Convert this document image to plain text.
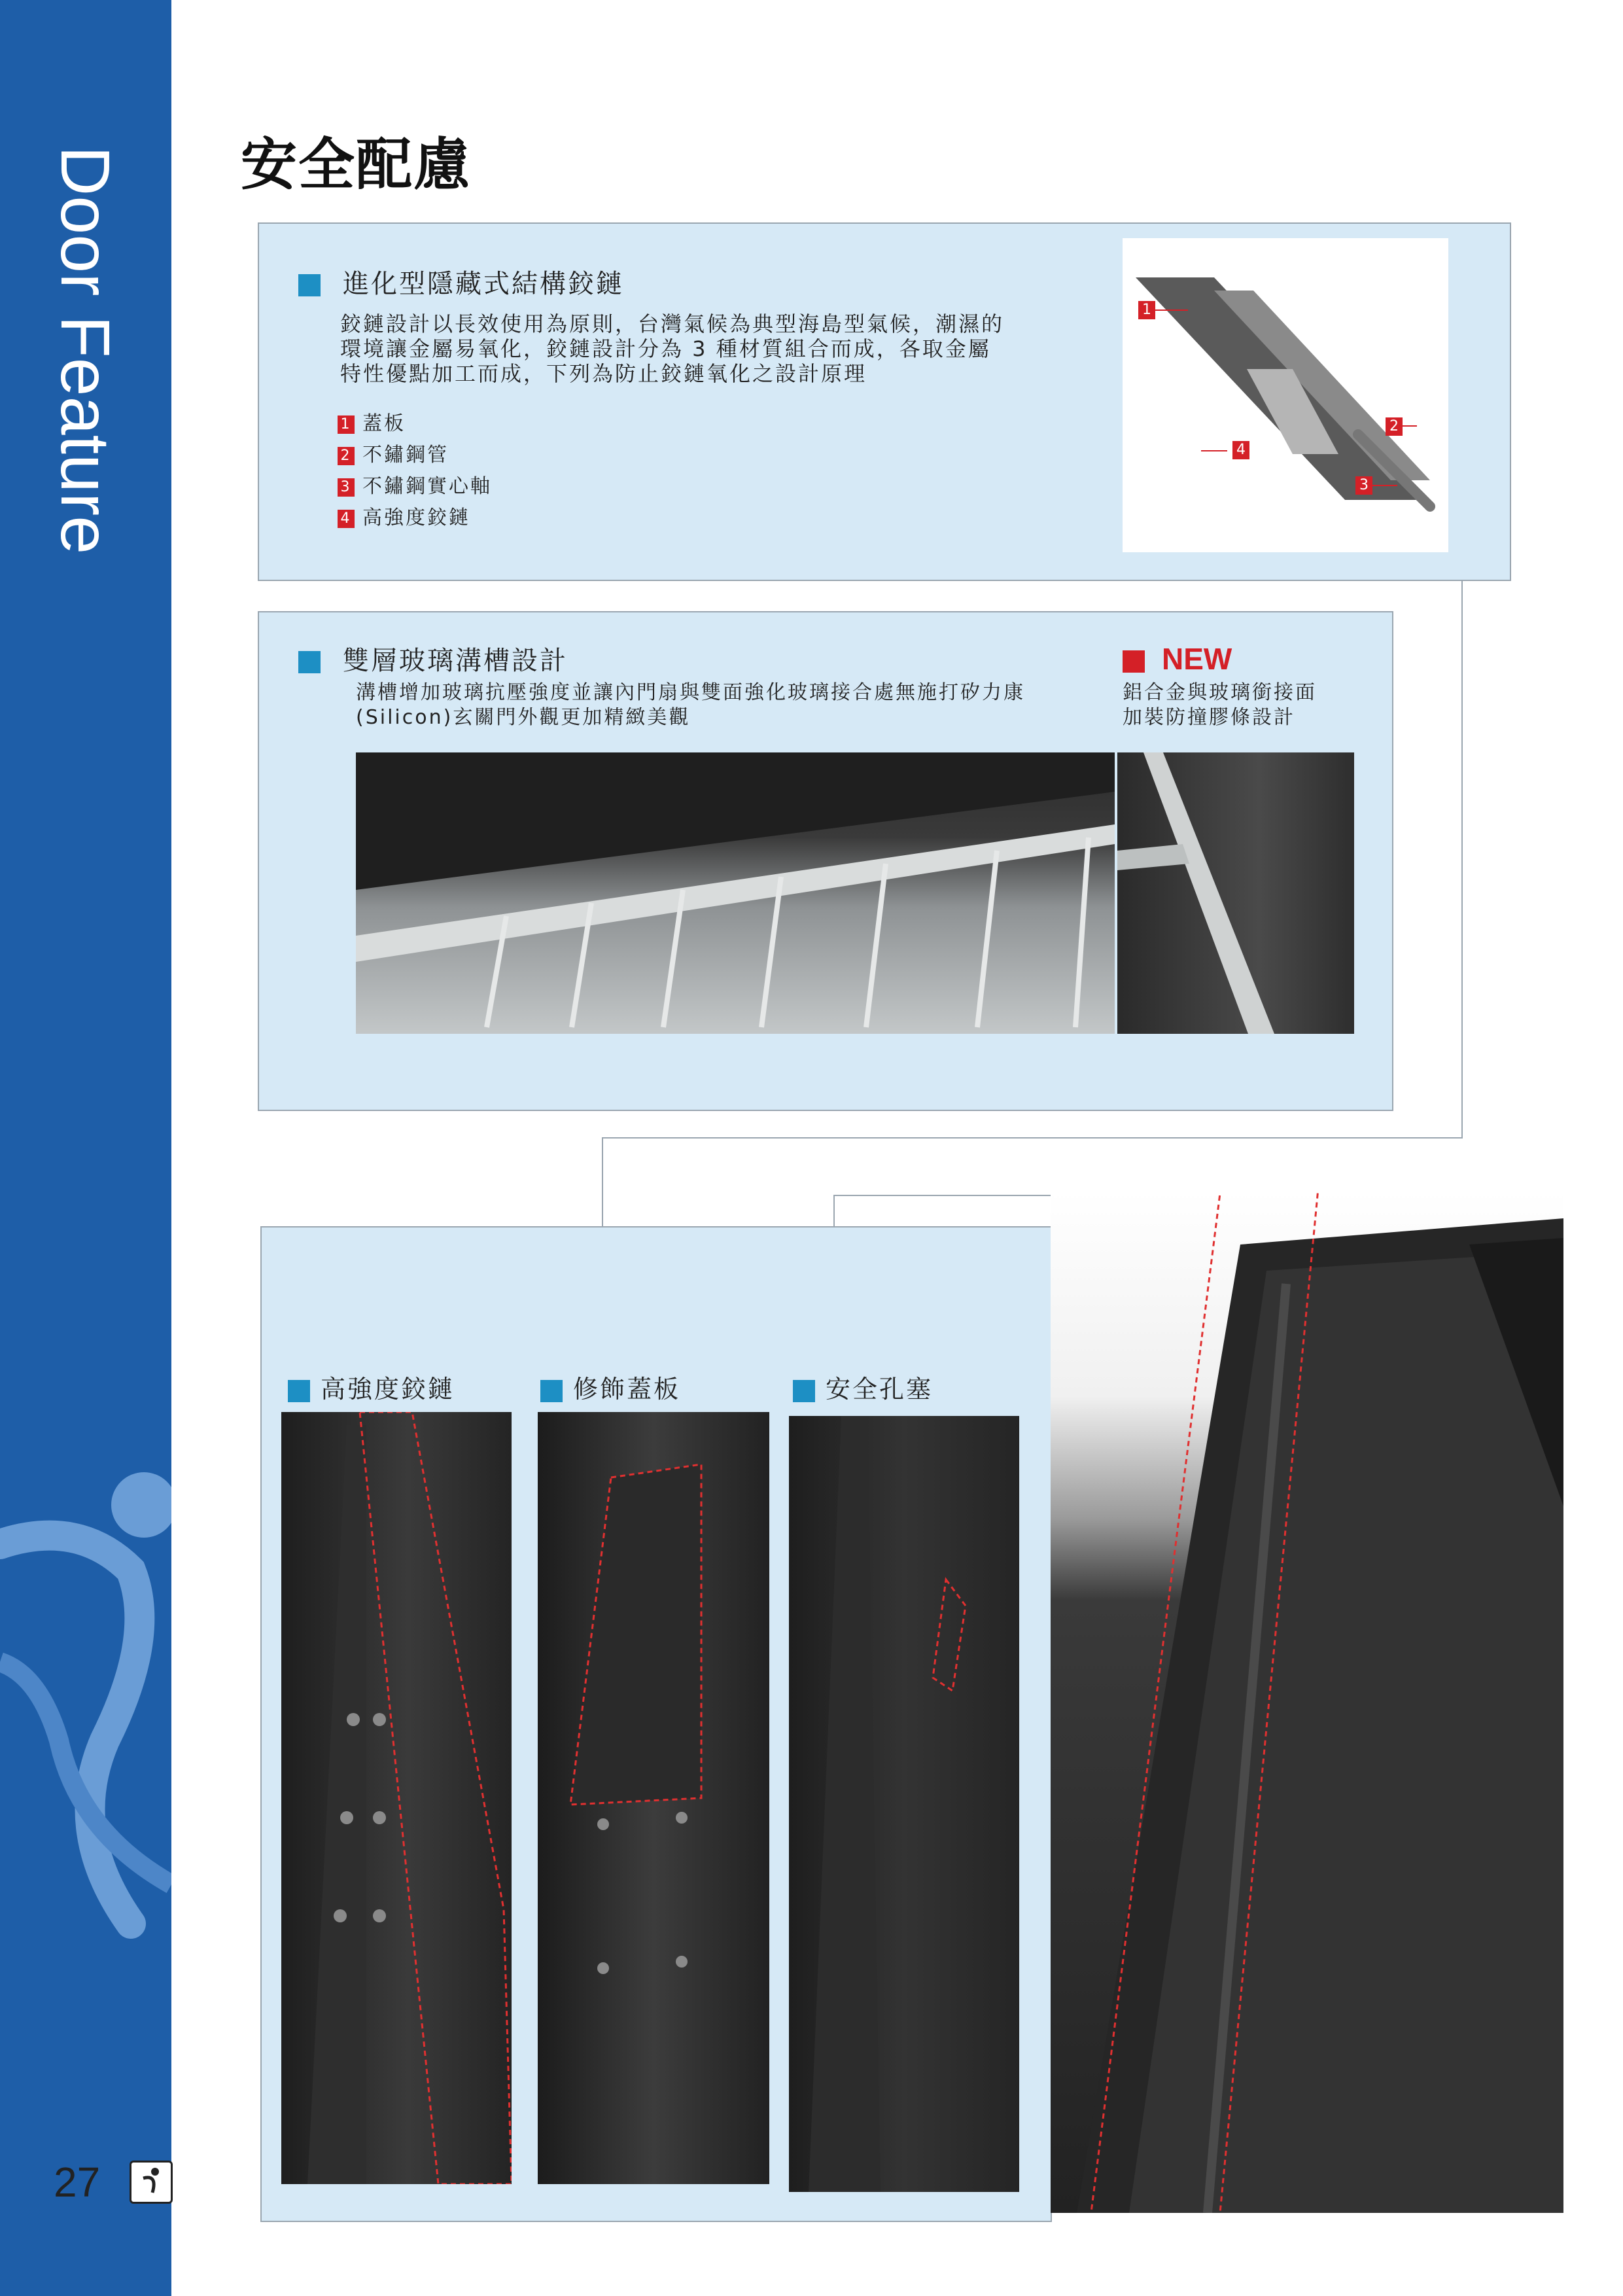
Door Feature
27
安全配慮
進化型隱藏式結構鉸鏈
鉸鏈設計以長效使用為原則，台灣氣候為典型海島型氣候，潮濕的
環境讓金屬易氧化，鉸鏈設計分為 3 種材質組合而成，各取金屬
特性優點加工而成，下列為防止鉸鏈氧化之設計原理
1 蓋板
2 不鏽鋼管
3 不鏽鋼實心軸
4 高強度鉸鏈
1
2
4
3
雙層玻璃溝槽設計
溝槽增加玻璃抗壓強度並讓內門扇與雙面強化玻璃接合處無施打矽力康
(Silicon)玄關門外觀更加精緻美觀
NEW
鋁合金與玻璃銜接面
加裝防撞膠條設計
高強度鉸鏈	修飾蓋板	安全孔塞
